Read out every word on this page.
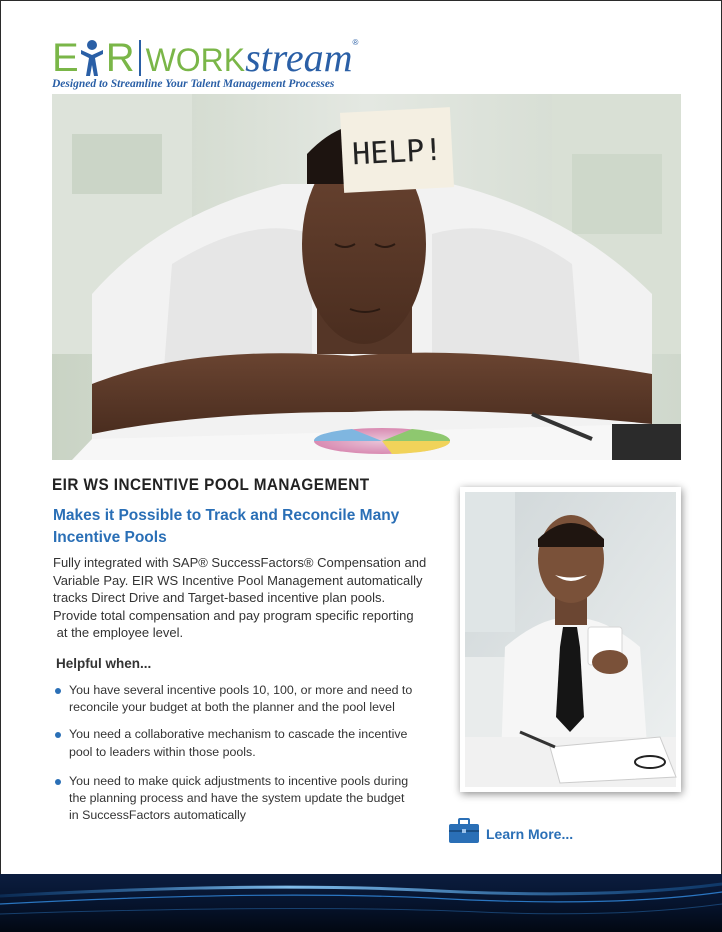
E R WORK stream ®
Designed to Streamline Your Talent Management Processes
HELP!
EIR WS INCENTIVE POOL MANAGEMENT
Makes it Possible to Track and Reconcile Many Incentive Pools
Fully integrated with SAP® SuccessFactors® Compensation and
Variable Pay. EIR WS Incentive Pool Management automatically
tracks Direct Drive and Target-based incentive plan pools.
Provide total compensation and pay program specific reporting
at the employee level.
Helpful when...
You have several incentive pools 10, 100, or more and need to
reconcile your budget at both the planner and the pool level
You need a collaborative mechanism to cascade the incentive
pool to leaders within those pools.
You need to make quick adjustments to incentive pools during
the planning process and have the system update the budget
in SuccessFactors automatically
Learn More...
